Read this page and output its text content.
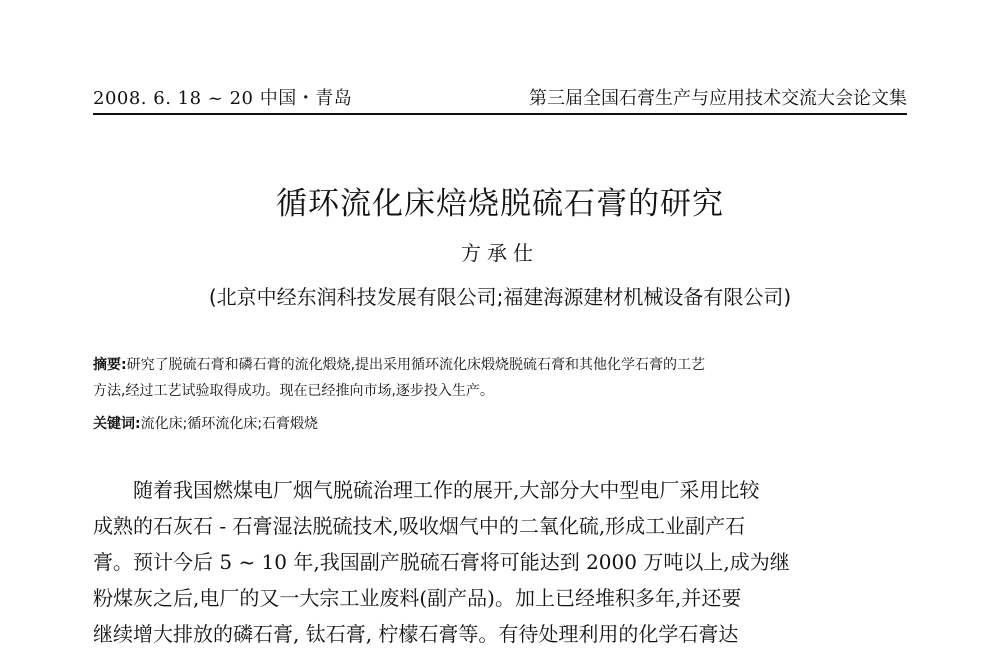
2008. 6. 18 ~ 20 中国・青岛	第三届全国石膏生产与应用技术交流大会论文集
循环流化床焙烧脱硫石膏的研究
方承仕
(北京中经东润科技发展有限公司;福建海源建材机械设备有限公司)
摘要:研究了脱硫石膏和磷石膏的流化煅烧,提出采用循环流化床煅烧脱硫石膏和其他化学石膏的工艺
方法,经过工艺试验取得成功。现在已经推向市场,逐步投入生产。
关键词:流化床;循环流化床;石膏煅烧
随着我国燃煤电厂烟气脱硫治理工作的展开,大部分大中型电厂采用比较
成熟的石灰石 - 石膏湿法脱硫技术,吸收烟气中的二氧化硫,形成工业副产石
膏。预计今后 5 ~ 10 年,我国副产脱硫石膏将可能达到 2000 万吨以上,成为继
粉煤灰之后,电厂的又一大宗工业废料(副产品)。加上已经堆积多年,并还要
继续增大排放的磷石膏, 钛石膏, 柠檬石膏等。有待处理利用的化学石膏达
